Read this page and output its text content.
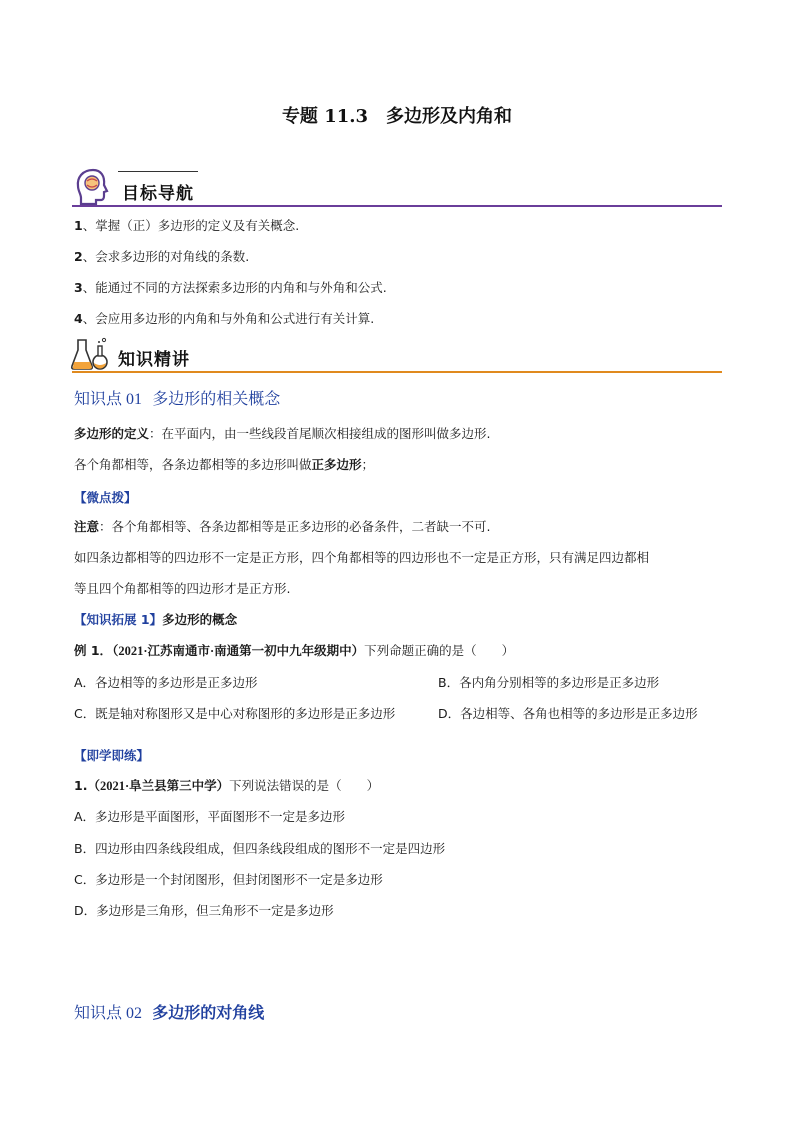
专题 11.3　多边形及内角和
目标导航
1、掌握（正）多边形的定义及有关概念.
2、会求多边形的对角线的条数.
3、能通过不同的方法探索多边形的内角和与外角和公式.
4、会应用多边形的内角和与外角和公式进行有关计算.
知识精讲
知识点 01 多边形的相关概念
多边形的定义：在平面内，由一些线段首尾顺次相接组成的图形叫做多边形.
各个角都相等，各条边都相等的多边形叫做正多边形；
【微点拨】
注意：各个角都相等、各条边都相等是正多边形的必备条件，二者缺一不可.
如四条边都相等的四边形不一定是正方形，四个角都相等的四边形也不一定是正方形，只有满足四边都相
等且四个角都相等的四边形才是正方形.
【知识拓展 1】多边形的概念
例 1．（2021·江苏南通市·南通第一初中九年级期中）下列命题正确的是（　　）
A．各边相等的多边形是正多边形	B．各内角分别相等的多边形是正多边形
C．既是轴对称图形又是中心对称图形的多边形是正多边形	D．各边相等、各角也相等的多边形是正多边形
【即学即练】
1.（2021·阜兰县第三中学）下列说法错误的是（　　）
A．多边形是平面图形，平面图形不一定是多边形
B．四边形由四条线段组成，但四条线段组成的图形不一定是四边形
C．多边形是一个封闭图形，但封闭图形不一定是多边形
D．多边形是三角形，但三角形不一定是多边形
知识点 02 多边形的对角线
